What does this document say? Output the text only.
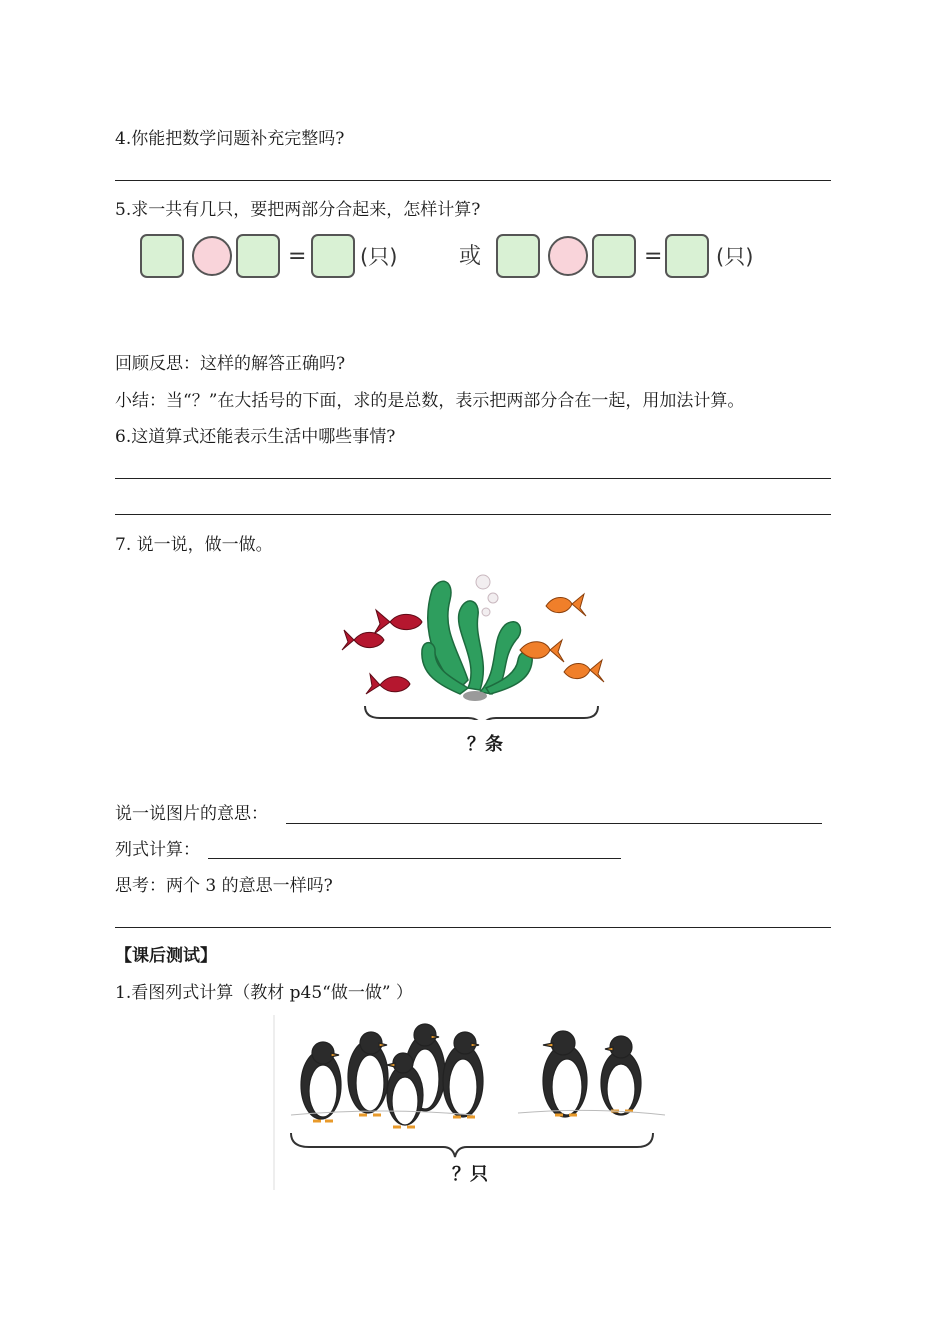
4.你能把数学问题补充完整吗?
5.求一共有几只，要把两部分合起来，怎样计算?
=	(只)	或	=	(只)
回顾反思：这样的解答正确吗?
小结：当“？”在大括号的下面，求的是总数，表示把两部分合在一起，用加法计算。
6.这道算式还能表示生活中哪些事情?
7. 说一说，做一做。
？条
说一说图片的意思：
列式计算：
思考：两个 3 的意思一样吗?
【课后测试】
1.看图列式计算（教材 p45“做一做” ）
？只
